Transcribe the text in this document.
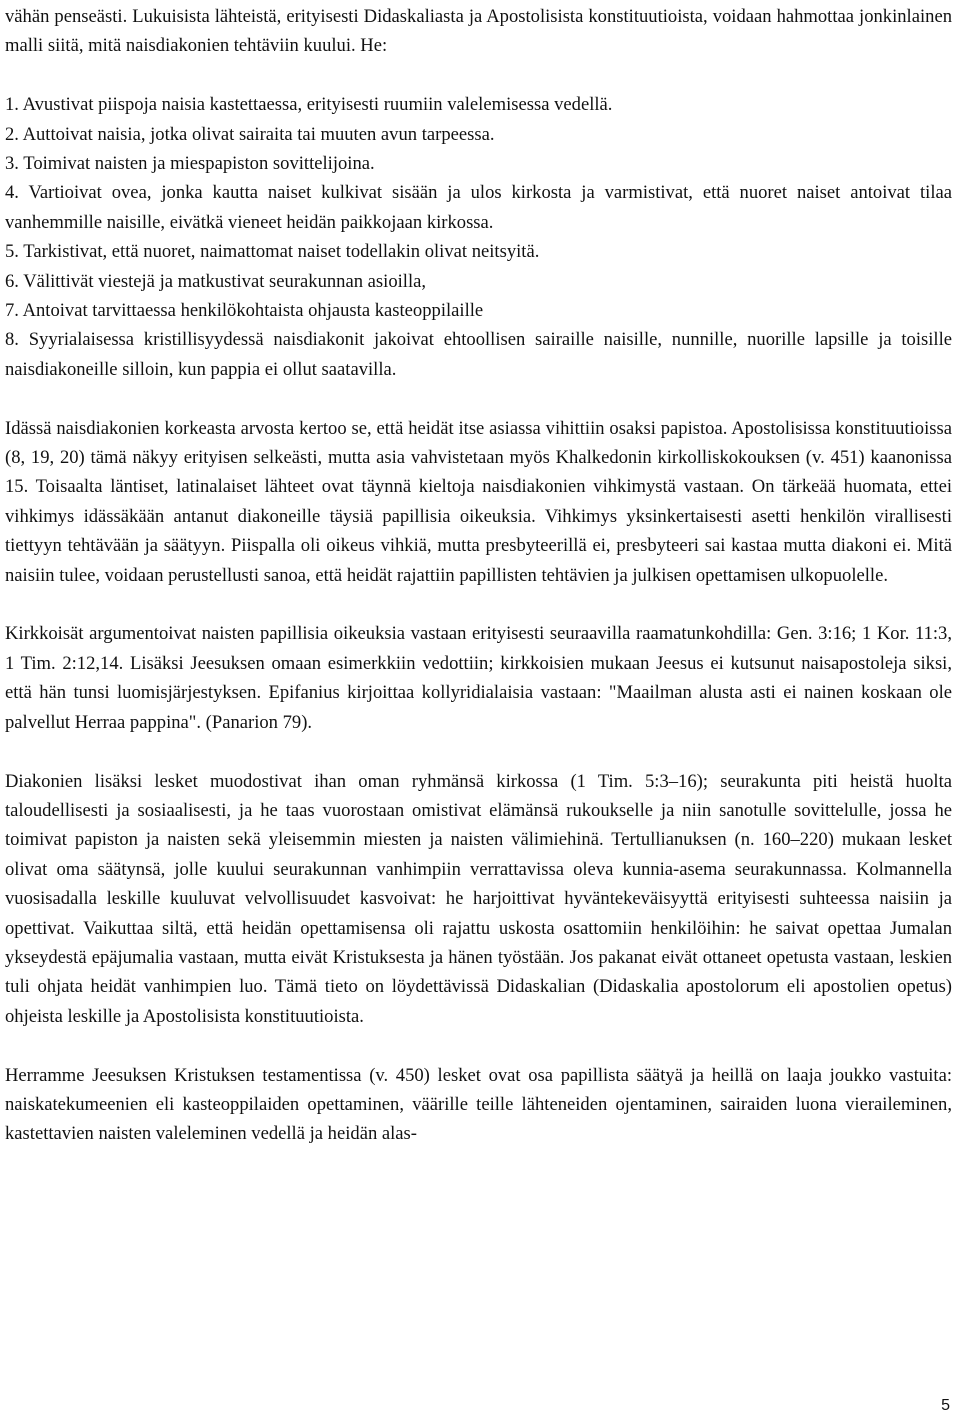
vähän penseästi. Lukuisista lähteistä, erityisesti Didaskaliasta ja Apostolisista konstituutioista, voidaan hahmottaa jonkinlainen malli siitä, mitä naisdiakonien tehtäviin kuului. He:

1. Avustivat piispoja naisia kastettaessa, erityisesti ruumiin valelemisessa vedellä.
2. Auttoivat naisia, jotka olivat sairaita tai muuten avun tarpeessa.
3. Toimivat naisten ja miespapiston sovittelijoina.
4. Vartioivat ovea, jonka kautta naiset kulkivat sisään ja ulos kirkosta ja varmistivat, että nuoret naiset antoivat tilaa vanhemmille naisille, eivätkä vieneet heidän paikkojaan kirkossa.
5. Tarkistivat, että nuoret, naimattomat naiset todellakin olivat neitsyitä.
6. Välittivät viestejä ja matkustivat seurakunnan asioilla,
7. Antoivat tarvittaessa henkilökohtaista ohjausta kasteoppilaille
8. Syyrialaisessa kristillisyydessä naisdiakonit jakoivat ehtoollisen sairaille naisille, nunnille, nuorille lapsille ja toisille naisdiakoneille silloin, kun pappia ei ollut saatavilla.

Idässä naisdiakonien korkeasta arvosta kertoo se, että heidät itse asiassa vihittiin osaksi papistoa. Apostolisissa konstituutioissa (8, 19, 20) tämä näkyy erityisen selkeästi, mutta asia vahvistetaan myös Khalkedonin kirkolliskokouksen (v. 451) kaanonissa 15. Toisaalta läntiset, latinalaiset lähteet ovat täynnä kieltoja naisdiakonien vihkimystä vastaan. On tärkeää huomata, ettei vihkimys idässäkään antanut diakoneille täysiä papillisia oikeuksia. Vihkimys yksinkertaisesti asetti henkilön virallisesti tiettyyn tehtävään ja säätyyn. Piispalla oli oikeus vihkiä, mutta presbyteerillä ei, presbyteeri sai kastaa mutta diakoni ei. Mitä naisiin tulee, voidaan perustellusti sanoa, että heidät rajattiin papillisten tehtävien ja julkisen opettamisen ulkopuolelle.

Kirkkoisät argumentoivat naisten papillisia oikeuksia vastaan erityisesti seuraavilla raamatunkohdilla: Gen. 3:16; 1 Kor. 11:3, 1 Tim. 2:12,14. Lisäksi Jeesuksen omaan esimerkkiin vedottiin; kirkkoisien mukaan Jeesus ei kutsunut naisapostoleja siksi, että hän tunsi luomisjärjestyksen. Epifanius kirjoittaa kollyridialaisia vastaan: "Maailman alusta asti ei nainen koskaan ole palvellut Herraa pappina". (Panarion 79).

Diakonien lisäksi lesket muodostivat ihan oman ryhmänsä kirkossa (1 Tim. 5:3–16); seurakunta piti heistä huolta taloudellisesti ja sosiaalisesti, ja he taas vuorostaan omistivat elämänsä rukoukselle ja niin sanotulle sovittelulle, jossa he toimivat papiston ja naisten sekä yleisemmin miesten ja naisten välimiehinä. Tertullianuksen (n. 160–220) mukaan lesket olivat oma säätynsä, jolle kuului seurakunnan vanhimpiin verrattavissa oleva kunnia-asema seurakunnassa. Kolmannella vuosisadalla leskille kuuluvat velvollisuudet kasvoivat: he harjoittivat hyväntekeväisyyttä erityisesti suhteessa naisiin ja opettivat. Vaikuttaa siltä, että heidän opettamisensa oli rajattu uskosta osattomiin henkilöihin: he saivat opettaa Jumalan ykseydestä epäjumalia vastaan, mutta eivät Kristuksesta ja hänen työstään. Jos pakanat eivät ottaneet opetusta vastaan, leskien tuli ohjata heidät vanhimpien luo. Tämä tieto on löydettävissä Didaskalian (Didaskalia apostolorum eli apostolien opetus) ohjeista leskille ja Apostolisista konstituutioista.

Herramme Jeesuksen Kristuksen testamentissa (v. 450) lesket ovat osa papillista säätyä ja heillä on laaja joukko vastuita: naiskatekumeenien eli kasteoppilaiden opettaminen, väärille teille lähteneiden ojentaminen, sairaiden luona vieraileminen, kastettavien naisten valeleminen vedellä ja heidän alas-

5
